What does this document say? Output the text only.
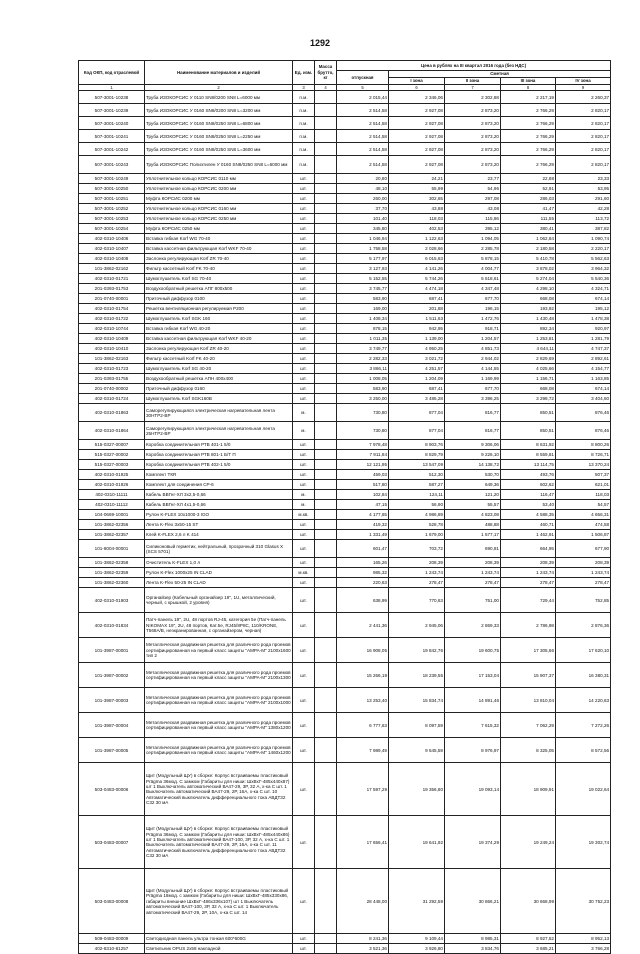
1292
Код ОКП, код отраслевой	Наименование материалов и изделий	Ед. изм.	Масса брутто, кг	Цена в рублях на III квартал 2016 года (без НДС)				
				отпускная	Сметная			
					I зона	II зона	III зона	IV зона
1	2	3	4	5	6	7	8	9
507-3001-10238	Труба ИЗОКОРСИС У 0110 SN8/0200 SN8 L=6000 мм	п.м.		2 015,44	2 346,06	2 302,88	2 217,19	2 260,37
507-3001-10239	Труба ИЗОКОРСИС У 0160 SN8/0200 SN8 L=3200 мм	п.м.		2 514,58	2 927,08	2 873,20	2 766,29	2 820,17
507-3001-10240	Труба ИЗОКОРСИС У 0160 SN8/0250 SN8 L=6800 мм	п.м.		2 514,58	2 927,08	2 873,20	2 766,29	2 820,17
507-3001-10241	Труба ИЗОКОРСИС У 0160 SN8/0250 SN8 L=2250 мм	п.м.		2 514,58	2 927,08	2 873,20	2 766,29	2 820,17
507-3001-10242	Труба ИЗОКОРСИС У 0160 SN8/0250 SN8 L=3600 мм	п.м.		2 514,58	2 927,08	2 873,20	2 766,29	2 820,17
507-3001-10243	Труба ИЗОКОРСИС Полиэтилен У 0160 SN8/0250 SN8 L=6000 мм	п.м.		2 514,58	2 927,08	2 873,20	2 766,29	2 820,17
507-3001-10249	Уплотнительное кольцо КОРСИС 0110 мм	шт.		20,80	24,21	23,77	22,88	23,33
507-3001-10250	Уплотнительное кольцо КОРСИС 0200 мм	шт.		48,10	55,99	54,96	52,91	53,95
507-3001-10251	Муфта КОРСИС 0200 мм	шт.		260,00	302,65	297,08	286,03	291,60
507-3001-10252	Уплотнительное кольцо КОРСИС 0160 мм	шт.		37,70	43,88	43,08	41,47	42,28
507-3001-10253	Уплотнительное кольцо КОРСИС 0250 мм	шт.		101,40	118,03	115,86	111,55	113,72
507-3001-10254	Муфта КОРСИС 0250 мм	шт.		345,80	402,53	395,12	380,41	387,82
402-0310-10406	Вставка гибкая Korf WG 70-40	шт.		1 046,94	1 122,63	1 094,05	1 062,84	1 090,74
402-0310-10407	Вставка кассетная фильтрующая Korf WKF 70-40	шт.		1 758,58	2 028,66	2 285,78	2 180,58	2 220,17
402-0310-10408	Заслонка регулирующая Korf ZR 70-40	шт.		5 177,97	6 015,63	5 878,15	5 410,78	5 562,63
101-3862-02162	Фильтр кассетный Korf FK 70-40	шт.		3 127,93	4 141,26	4 004,77	3 878,02	3 964,32
402-0310-01721	Шумоглушитель Korf SG 70-40	шт.		5 152,55	5 744,26	5 618,61	5 274,04	5 540,36
201-0393-01753	Воздухообратный решетка АПГ 800x500	шт.		3 745,77	4 474,18	4 347,48	4 298,10	4 324,71
201-0740-00001	Приточный диффузор 0100	шт.		583,90	687,41	677,70	668,08	674,14
402-0310-01754	Решетка вентиляционная регулируемая Р200	шт.		169,00	201,88	196,15	193,92	195,12
402-0310-01722	Шумоглушитель Korf SGK 160	шт.		1 408,34	1 511,63	1 472,76	1 430,48	1 478,38
402-0310-10744	Вставка гибкая Korf WG 40-20	шт.		878,15	942,95	918,71	892,34	920,97
402-0310-10409	Вставка кассетная фильтрующая Korf WKF 40-20	шт.		1 011,35	1 139,00	1 204,57	1 253,81	1 281,79
402-0310-10410	Заслонка регулирующая Korf ZR 40-20	шт.		3 749,77	4 950,25	4 851,73	4 644,11	4 747,37
101-3862-02163	Фильтр кассетный Korf FK 40-20	шт.		2 282,33	3 021,72	2 944,02	2 829,69	2 892,61
402-0310-01723	Шумоглушитель Korf SG 40-20	шт.		3 866,11	4 251,57	4 144,55	4 025,66	4 154,77
201-0393-01755	Воздухообратный решетка АПН 400x400	шт.		1 008,05	1 204,09	1 169,99	1 156,71	1 163,85
201-0740-00002	Приточный диффузор 0160	шт.		583,90	687,41	677,70	668,08	674,14
402-0310-01724	Шумоглушитель Korf SGK160B	шт.		3 250,00	3 485,28	3 396,25	3 298,72	3 404,60
402-0310-01863	Саморегулирующаяся электрическая нагревательная лента 30НТР2-ВР	м.		730,80	877,04	816,77	850,51	876,46
402-0310-01864	Саморегулирующаяся электрическая нагревательная лента 25НТР2-ВР	м.		730,80	877,04	816,77	850,51	876,46
515-0327-00007	Коробка соединительная РТВ 401-1 5/0	шт.		7 978,48	8 903,76	9 306,06	8 631,92	8 800,26
515-0327-00002	Коробка соединительная РТВ 801-1 Б/Т П	шт.		7 911,84	8 829,79	9 226,10	8 559,81	8 726,71
515-0327-00003	Коробка соединительная РТВ 402-1 5/0	шт.		12 121,95	13 547,09	14 138,72	13 114,75	13 370,24
402-0310-01925	Комплект ТКR	шт.		459,03	512,30	530,70	493,76	507,37
402-0310-01926	Комплект для соединения СР-6	шт.		517,80	587,27	649,36	602,62	621,01
402-0310-11111	Кабель ВВГнг-ХЛ 3х2,5-0,66	м.		102,84	124,11	121,20	116,47	118,03
402-0310-11112	Кабель ВВГнг-ХЛ 4х1,5-0,66	м.		47,15	56,90	55,57	53,40	54,57
104-0669-10001	Рулон K-FLEX 10x1000-3 IGO	м.кв.		4 177,65	4 986,89	4 823,08	4 588,35	4 656,31
101-3862-02356	Лента K-Flex 3x50-15 ST	шт.		419,32	528,78	488,88	460,71	474,58
101-3862-02357	Клей K-FLEX 2,6 л K 414	шт.		1 331,49	1 679,00	1 577,17	1 462,91	1 506,87
101-8004-00001	Силиконовый герметик, нейтральный, прозрачный 310 Glasus X (SCS 5701)	шт.		601,47	703,72	690,81	664,95	677,90
101-3862-02358	Очиститель K-FLEX 1,0 л	шт.		165,26	208,39	208,39	208,39	208,39
101-3862-02359	Рулон K-Flex 1000x25 IN CLAD	м.кв.		985,32	1 243,74	1 243,74	1 243,74	1 243,74
101-3862-02360	Лента K-Flex 50-25 IN CLAD	шт.		220,63	278,47	278,47	278,47	278,47
402-0310-01903	Органайзер (Кабельный органайзер 19", 1U, металлический, черный, с крышкой, 2 уровня)	шт.		638,99	770,63	751,00	729,44	752,85
402-0310-01834	Патч-панель 19", 2U, 48 портов RJ-45, категория 5е (Патч-панель NIKOMAX 19", 2U, 48 портов, Кат.5е, RJ45/8P8C, 110/KRONE, T568A/B, неэкранированная, с органайзером, черная)	шт.		2 441,36	2 945,06	2 869,33	2 786,98	2 876,36
101-3987-00001	Металлическая раздвижная решетка для различного рода проемов сертифицированная на первый класс защиты "АМРА-М" 2100x1600 тип 2	шт.		16 908,05	19 842,76	19 600,75	17 305,66	17 620,10
101-3987-00002	Металлическая раздвижная решетка для различного рода проемов сертифицированная на первый класс защиты "АМРА-М" 2100x1300	шт.		15 266,19	18 239,55	17 153,04	15 907,37	16 380,31
101-3987-00003	Металлическая раздвижная решетка для различного рода проемов сертифицированная на первый класс защиты "АМРА-М" 2100x1000	шт.		13 253,40	15 834,74	14 891,46	13 810,04	14 220,63
101-3987-00004	Металлическая раздвижная решетка для различного рода проемов сертифицированная на первый класс защиты "АМРА-М" 1380x1200	шт.		6 777,63	8 097,59	7 615,32	7 062,29	7 272,26
101-3987-00005	Металлическая раздвижная решетка для различного рода проемов сертифицированная на первый класс защиты "АМРА-М" 1460x1200	шт.		7 989,49	9 545,59	8 976,97	8 325,05	8 572,56
503-0483-00006	Щит (Модульный ЩУ) в сборке: Корпус встраиваемы пластиковый Prägma 36мод. С замком (Габариты для ниши: ШхВхГ-485х440х87) шт 1 Выключатель автоматический ВА47-29, 3Р, 32 А, х-ка С шт. 1 Выключатель автоматический ВА47-29, 2Р, 16А, х-ка С шт. 10 Автоматический выключатель дифференциального тока АВДТ32 С32 30 мА	шт.		17 597,29	19 356,80	19 093,14	18 909,91	19 022,64
503-0483-00007	Щит (Модульный ЩУ) в сборке: Корпус встраиваемы пластиковый Prägma 36мод. С замком (Габариты для ниши: ШхВхГ-485х440х86) шт 1 Выключатель автоматический ВА47-100, 3Р, 32 А, х-ка С шт. 1 Выключатель автоматический ВА47-29, 2Р, 16А, х-ка С шт. 11 Автоматический выключатель дифференциального тока АВДТ32 С32 30 мА	шт.		17 656,41	19 641,92	19 374,29	19 249,24	19 302,74
503-0483-00008	Щит (Модульный ЩУ) в сборке: Корпус встраиваемы пластиковый Prägma 18мод. с замком (Габариты для ниши: ШхВхГ-485х330х86, габариты внешние ШхВхГ-486х336х107) шт 1 Выключатель автоматический ВА47-100, 3Р, 32 А, х-ка С шт. 1 Выключатель автоматический ВА47-29, 2Р, 10А, х-ка С шт. 14	шт.		28 448,00	31 292,59	30 866,21	30 668,99	30 752,23
509-0483-00009	Светодиодная панель ультра тонкая 600*600G	шт.		8 241,36	9 109,44	8 985,31	8 927,52	8 952,13
402-8310-81257	Светильник OPUS 2x58 накладной	шт.		3 521,36	3 926,80	3 834,76	3 685,21	3 766,28
